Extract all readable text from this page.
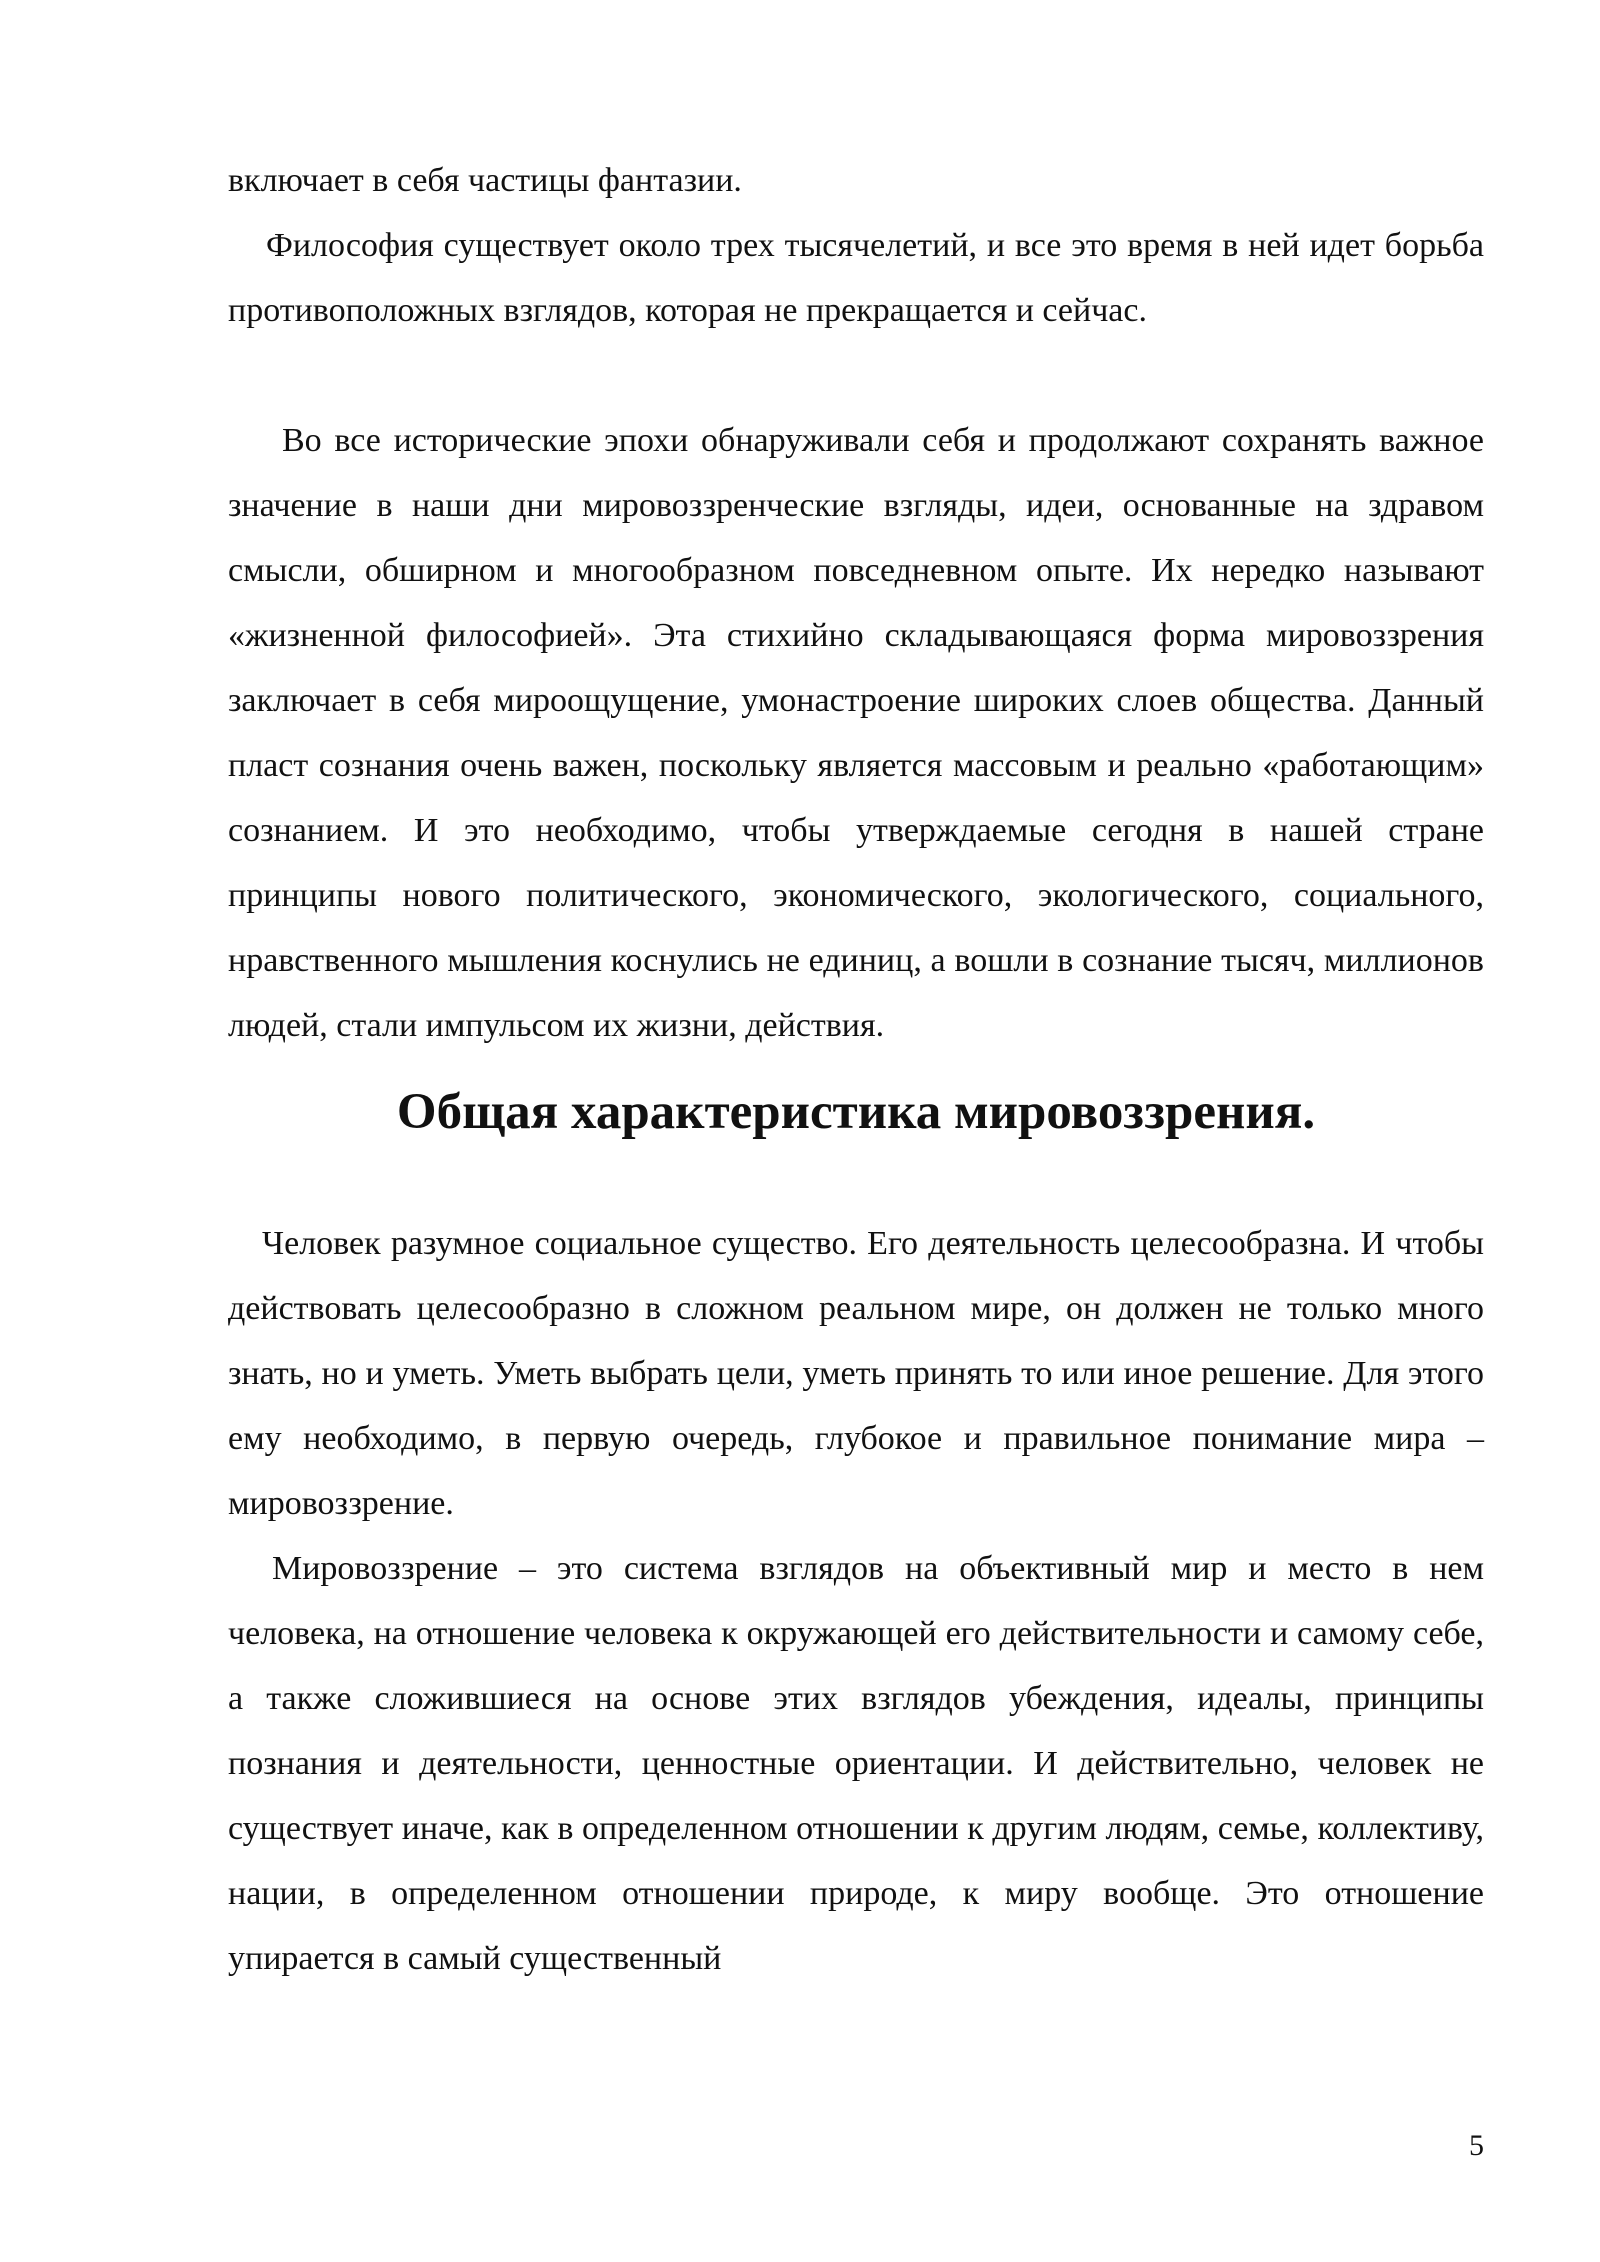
включает в себя частицы фантазии.

Философия существует около трех тысячелетий, и все это время в ней идет борьба противоположных взглядов, которая не прекращается и сейчас.

Во все исторические эпохи обнаруживали себя и продолжают сохранять важное значение в наши дни мировоззренческие взгляды, идеи, основанные на здравом смысли, обширном и многообразном повседневном опыте. Их нередко называют «жизненной философией». Эта стихийно складывающаяся форма мировоззрения заключает в себя мироощущение, умонастроение широких слоев общества. Данный пласт сознания очень важен, поскольку является массовым и реально «работающим» сознанием. И это необходимо, чтобы утверждаемые сегодня в нашей стране принципы нового политического, экономического, экологического, социального, нравственного мышления коснулись не единиц, а вошли в сознание тысяч, миллионов людей, стали импульсом их жизни, действия.

Общая характеристика мировоззрения.

Человек разумное социальное существо. Его деятельность целесообразна. И чтобы действовать целесообразно в сложном реальном мире, он должен не только много знать, но и уметь. Уметь выбрать цели, уметь принять то или иное решение. Для этого ему необходимо, в первую очередь, глубокое и правильное понимание мира – мировоззрение.

Мировоззрение – это система взглядов на объективный мир и место в нем человека, на отношение человека к окружающей его действительности и самому себе, а также сложившиеся на основе этих взглядов убеждения, идеалы, принципы познания и деятельности, ценностные ориентации. И действительно, человек не существует иначе, как в определенном отношении к другим людям, семье, коллективу, нации, в определенном отношении природе, к миру вообще. Это отношение упирается в самый существенный

5
